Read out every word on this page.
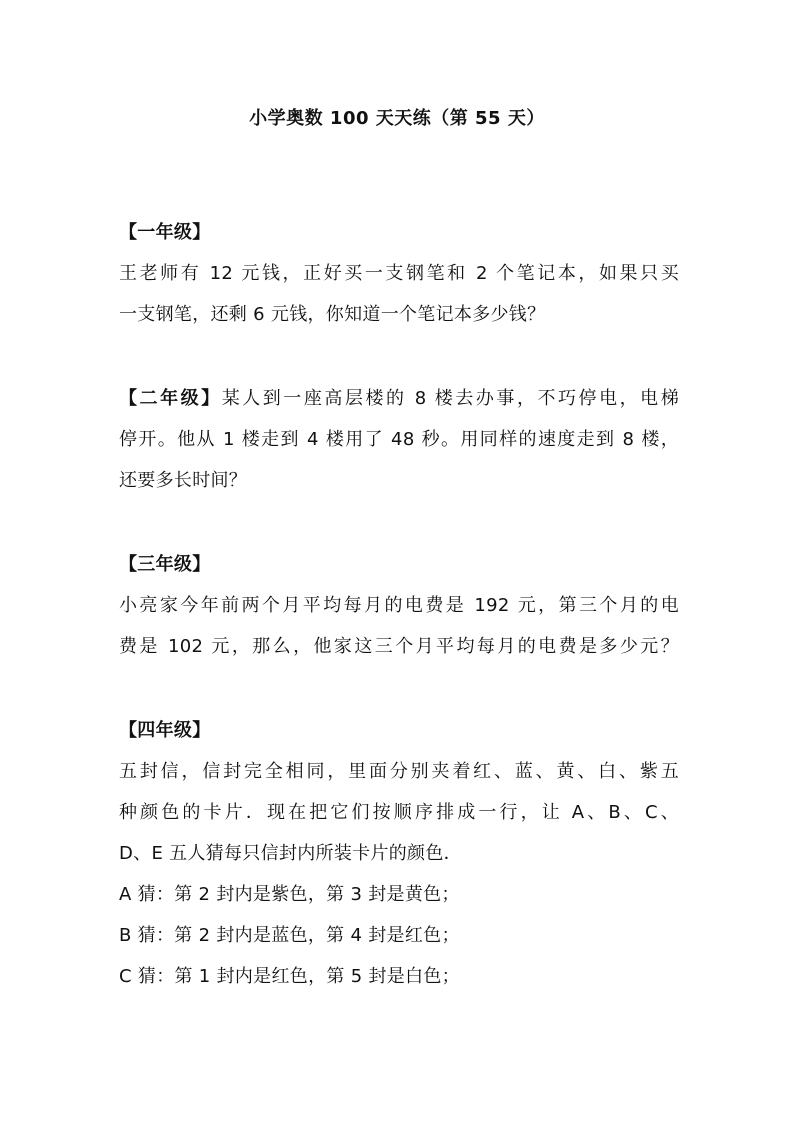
小学奥数 100 天天练（第 55 天）
【一年级】
王老师有 12 元钱，正好买一支钢笔和 2 个笔记本，如果只买
一支钢笔，还剩 6 元钱，你知道一个笔记本多少钱？
【二年级】某人到一座高层楼的 8 楼去办事，不巧停电，电梯
停开。他从 1 楼走到 4 楼用了 48 秒。用同样的速度走到 8 楼，
还要多长时间？
【三年级】
小亮家今年前两个月平均每月的电费是 192 元，第三个月的电
费是 102 元，那么，他家这三个月平均每月的电费是多少元？
【四年级】
五封信，信封完全相同，里面分别夹着红、蓝、黄、白、紫五
种颜色的卡片．现在把它们按顺序排成一行，让 A、B、C、
D、E 五人猜每只信封内所装卡片的颜色．
A 猜：第 2 封内是紫色，第 3 封是黄色；
B 猜：第 2 封内是蓝色，第 4 封是红色；
C 猜：第 1 封内是红色，第 5 封是白色；
